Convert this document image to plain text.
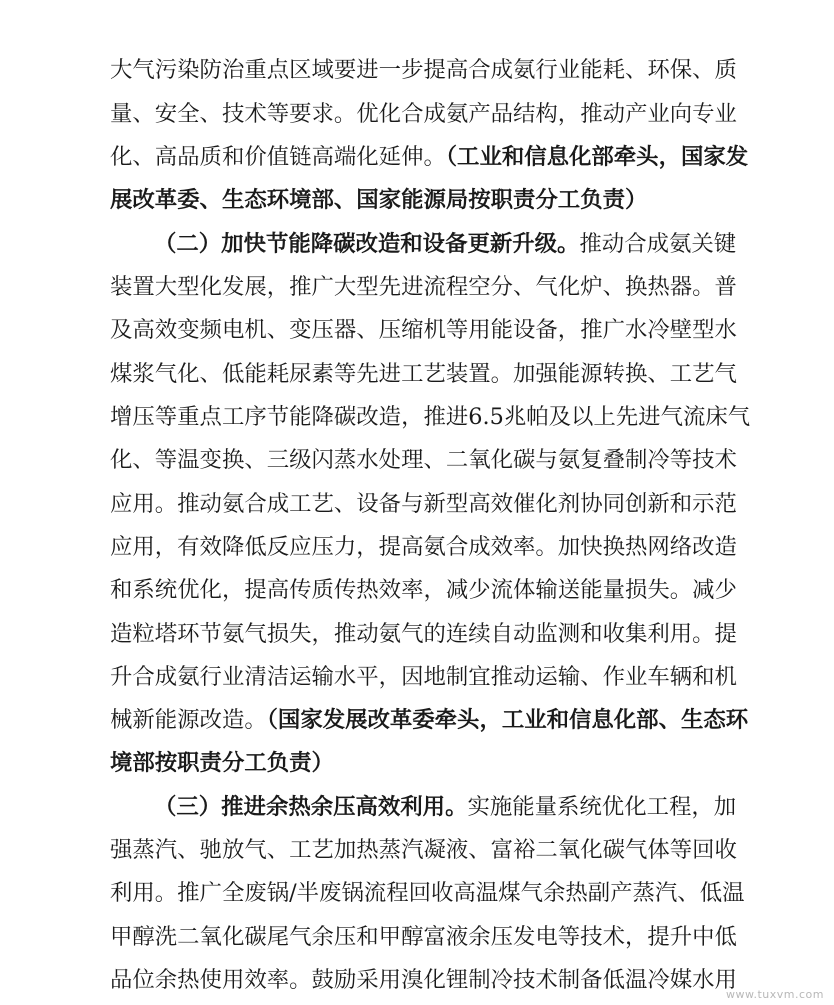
大气污染防治重点区域要进一步提高合成氨行业能耗、环保、质
量、安全、技术等要求。优化合成氨产品结构，推动产业向专业
化、高品质和价值链高端化延伸。（工业和信息化部牵头，国家发
展改革委、生态环境部、国家能源局按职责分工负责）
（二）加快节能降碳改造和设备更新升级。推动合成氨关键
装置大型化发展，推广大型先进流程空分、气化炉、换热器。普
及高效变频电机、变压器、压缩机等用能设备，推广水冷壁型水
煤浆气化、低能耗尿素等先进工艺装置。加强能源转换、工艺气
增压等重点工序节能降碳改造，推进6.5兆帕及以上先进气流床气
化、等温变换、三级闪蒸水处理、二氧化碳与氨复叠制冷等技术
应用。推动氨合成工艺、设备与新型高效催化剂协同创新和示范
应用，有效降低反应压力，提高氨合成效率。加快换热网络改造
和系统优化，提高传质传热效率，减少流体输送能量损失。减少
造粒塔环节氨气损失，推动氨气的连续自动监测和收集利用。提
升合成氨行业清洁运输水平，因地制宜推动运输、作业车辆和机
械新能源改造。（国家发展改革委牵头，工业和信息化部、生态环
境部按职责分工负责）
（三）推进余热余压高效利用。实施能量系统优化工程，加
强蒸汽、驰放气、工艺加热蒸汽凝液、富裕二氧化碳气体等回收
利用。推广全废锅/半废锅流程回收高温煤气余热副产蒸汽、低温
甲醇洗二氧化碳尾气余压和甲醇富液余压发电等技术，提升中低
品位余热使用效率。鼓励采用溴化锂制冷技术制备低温冷媒水用
www.tuxvm.com
